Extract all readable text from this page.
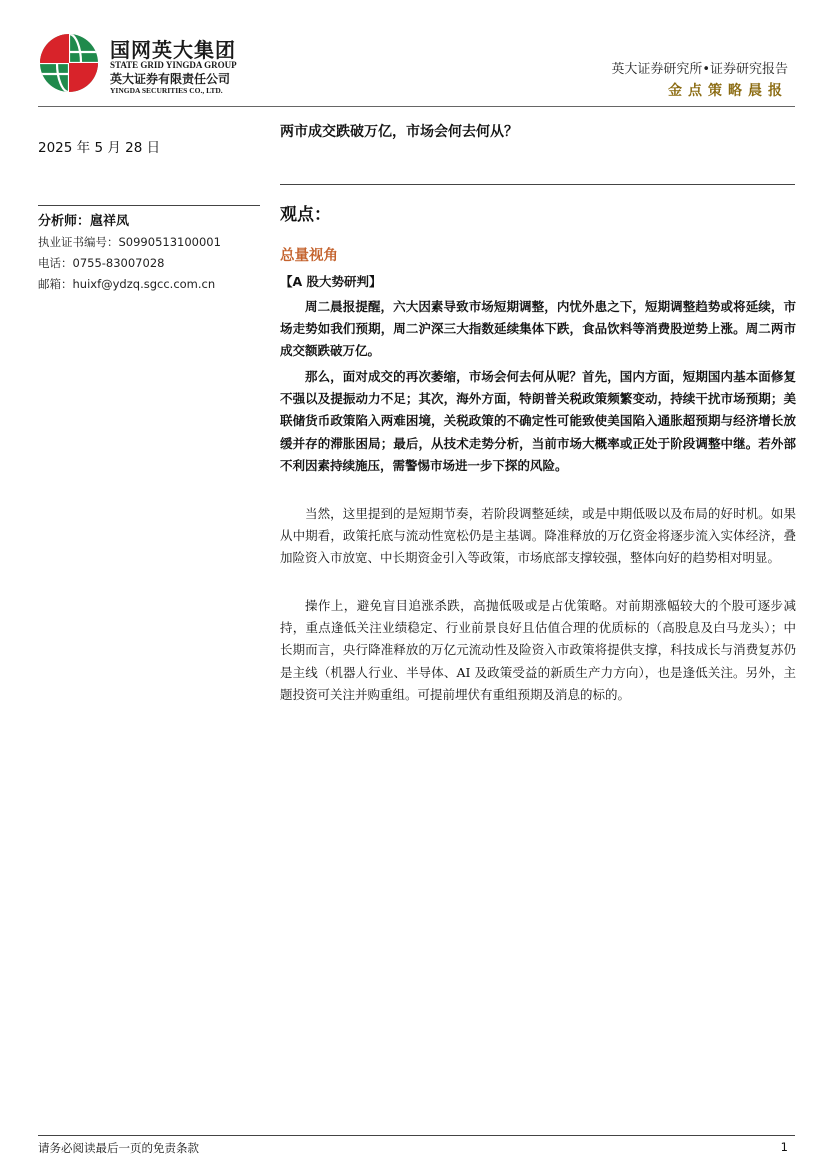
国网英大集团
STATE GRID YINGDA GROUP
英大证券有限责任公司
YINGDA SECURITIES CO., LTD.
英大证券研究所•证券研究报告
金点策略晨报
2025 年 5 月 28 日
分析师：扈祥凤
执业证书编号：S0990513100001
电话：0755-83007028
邮箱：huixf@ydzq.sgcc.com.cn
两市成交跌破万亿，市场会何去何从？
观点：
总量视角
【A 股大势研判】

周二晨报提醒，六大因素导致市场短期调整，内忧外患之下，短期调整趋势或将延续，市场走势如我们预期，周二沪深三大指数延续集体下跌，食品饮料等消费股逆势上涨。周二两市成交额跌破万亿。

那么，面对成交的再次萎缩，市场会何去何从呢？首先，国内方面，短期国内基本面修复不强以及提振动力不足；其次，海外方面，特朗普关税政策频繁变动，持续干扰市场预期；美联储货币政策陷入两难困境，关税政策的不确定性可能致使美国陷入通胀超预期与经济增长放缓并存的滞胀困局；最后，从技术走势分析，当前市场大概率或正处于阶段调整中继。若外部不利因素持续施压，需警惕市场进一步下探的风险。

当然，这里提到的是短期节奏，若阶段调整延续，或是中期低吸以及布局的好时机。如果从中期看，政策托底与流动性宽松仍是主基调。降准释放的万亿资金将逐步流入实体经济，叠加险资入市放宽、中长期资金引入等政策，市场底部支撑较强，整体向好的趋势相对明显。

操作上，避免盲目追涨杀跌，高抛低吸或是占优策略。对前期涨幅较大的个股可逐步减持，重点逢低关注业绩稳定、行业前景良好且估值合理的优质标的（高股息及白马龙头）；中长期而言，央行降准释放的万亿元流动性及险资入市政策将提供支撑，科技成长与消费复苏仍是主线（机器人行业、半导体、AI 及政策受益的新质生产力方向），也是逢低关注。另外，主题投资可关注并购重组。可提前埋伏有重组预期及消息的标的。

请务必阅读最后一页的免责条款	1
